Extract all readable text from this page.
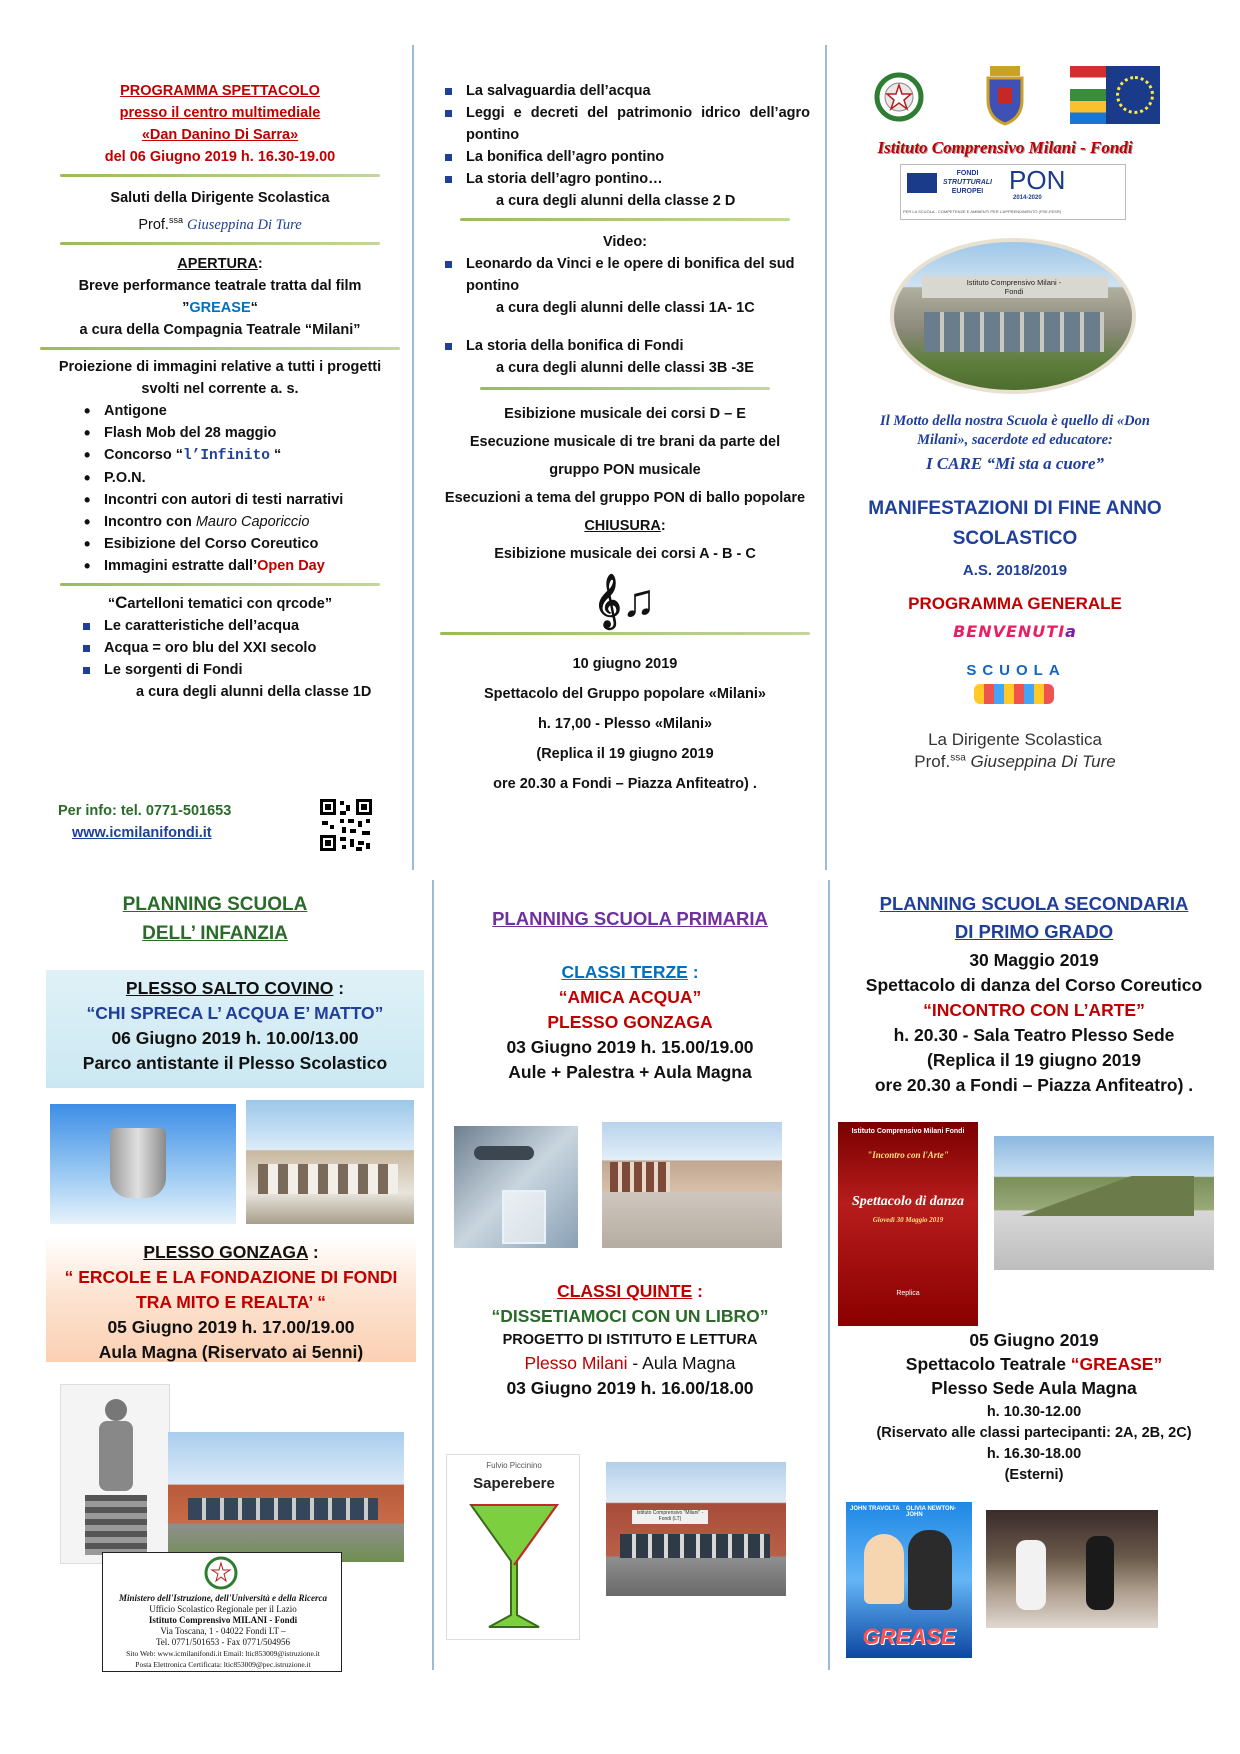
PROGRAMMA SPETTACOLO

presso il centro multimediale

«Dan Danino Di Sarra»

del 06 Giugno 2019 h. 16.30-19.00

Saluti della Dirigente Scolastica

Prof.$^{ssa}$ Giuseppina Di Ture

APERTURA:

Breve performance teatrale tratta dal film

”GREASE“

a cura della Compagnia Teatrale “Milani”

Proiezione di immagini relative a tutti i progetti

svolti nel corrente a. s.

• Antigone
• Flash Mob del 28 maggio
• Concorso “l’Infinito “
• P.O.N.
• Incontri con autori di testi narrativi
• Incontro con Mauro Caporiccio
• Esibizione del Corso Coreutico
• Immagini estratte dall’Open Day

“Cartelloni tematici con qrcode”

Le caratteristiche dell’acqua
Acqua = oro blu del XXI secolo
Le sorgenti di Fondi

a cura degli alunni della classe 1D

Per info: tel. 0771-501653

www.icmilanifondi.it

La salvaguardia dell’acqua
Leggi e decreti del patrimonio idrico dell’agro pontino
La bonifica dell’agro pontino
La storia dell’agro pontino…

a cura degli alunni della classe 2 D

Video:

Leonardo da Vinci e le opere di bonifica del sud pontino

a cura degli alunni delle classi 1A- 1C

La storia della bonifica di Fondi

a cura degli alunni delle classi 3B -3E

Esibizione musicale dei corsi D – E

Esecuzione musicale di tre brani da parte del

gruppo PON musicale

Esecuzioni a tema del gruppo PON di ballo popolare

CHIUSURA:

Esibizione musicale dei corsi A - B - C

𝄞♫

10 giugno 2019

Spettacolo del Gruppo popolare «Milani»

h. 17,00 - Plesso «Milani»

(Replica il 19 giugno 2019

ore 20.30 a Fondi – Piazza Anfiteatro) .

Istituto Comprensivo Milani - Fondi

FONDI
STRUTTURALI
EUROPEI PON
2014-2020
PER LA SCUOLA - COMPETENZE E AMBIENTI PER L'APPRENDIMENTO (FSE-FESR)
Istituto Comprensivo Milani - Fondi

Il Motto della nostra Scuola è quello di «Don

Milani», sacerdote ed educatore:

I CARE “Mi sta a cuore”

MANIFESTAZIONI DI FINE ANNO

SCOLASTICO

A.S. 2018/2019

PROGRAMMA GENERALE

BENVENUTIa
SCUOLA

La Dirigente Scolastica

Prof.$^{ssa}$ Giuseppina Di Ture

PLANNING SCUOLA

DELL’ INFANZIA

PLESSO SALTO COVINO :

“CHI SPRECA L’ ACQUA E’ MATTO”

06 Giugno 2019 h. 10.00/13.00

Parco antistante il Plesso Scolastico

PLESSO GONZAGA :

“ ERCOLE E LA FONDAZIONE DI FONDI

TRA MITO E REALTA’ “

05 Giugno 2019 h. 17.00/19.00

Aula Magna (Riservato ai 5enni)

Ministero dell'Istruzione, dell'Università e della Ricerca
Ufficio Scolastico Regionale per il Lazio
Istituto Comprensivo MILANI - Fondi
Via Toscana, 1 - 04022 Fondi LT –
Tel. 0771/501653 - Fax 0771/504956
Sito Web: www.icmilanifondi.it Email: ltic853009@istruzione.it
Posta Elettronica Certificata: ltic853009@pec.istruzione.it

PLANNING SCUOLA PRIMARIA

CLASSI TERZE :

“AMICA ACQUA”

PLESSO GONZAGA

03 Giugno 2019 h. 15.00/19.00

Aule + Palestra + Aula Magna

CLASSI QUINTE :

“DISSETIAMOCI CON UN LIBRO”

PROGETTO DI ISTITUTO E LETTURA

Plesso Milani - Aula Magna

03 Giugno 2019 h. 16.00/18.00

Fulvio Piccinino
Saperebere
Istituto Comprensivo "Milani" - Fondi (LT)

PLANNING SCUOLA SECONDARIA

DI PRIMO GRADO

30 Maggio 2019

Spettacolo di danza del Corso Coreutico

“INCONTRO CON L’ARTE”

h. 20.30 - Sala Teatro Plesso Sede

(Replica il 19 giugno 2019

ore 20.30 a Fondi – Piazza Anfiteatro) .

Istituto Comprensivo Milani Fondi
"Incontro con l'Arte"
Spettacolo di danza
Giovedì 30 Maggio 2019
Replica

05 Giugno 2019

Spettacolo Teatrale “GREASE”

Plesso Sede Aula Magna

h. 10.30-12.00

(Riservato alle classi partecipanti: 2A, 2B, 2C)

h. 16.30-18.00

(Esterni)

JOHN TRAVOLTA OLIVIA NEWTON-JOHN
GREASE
